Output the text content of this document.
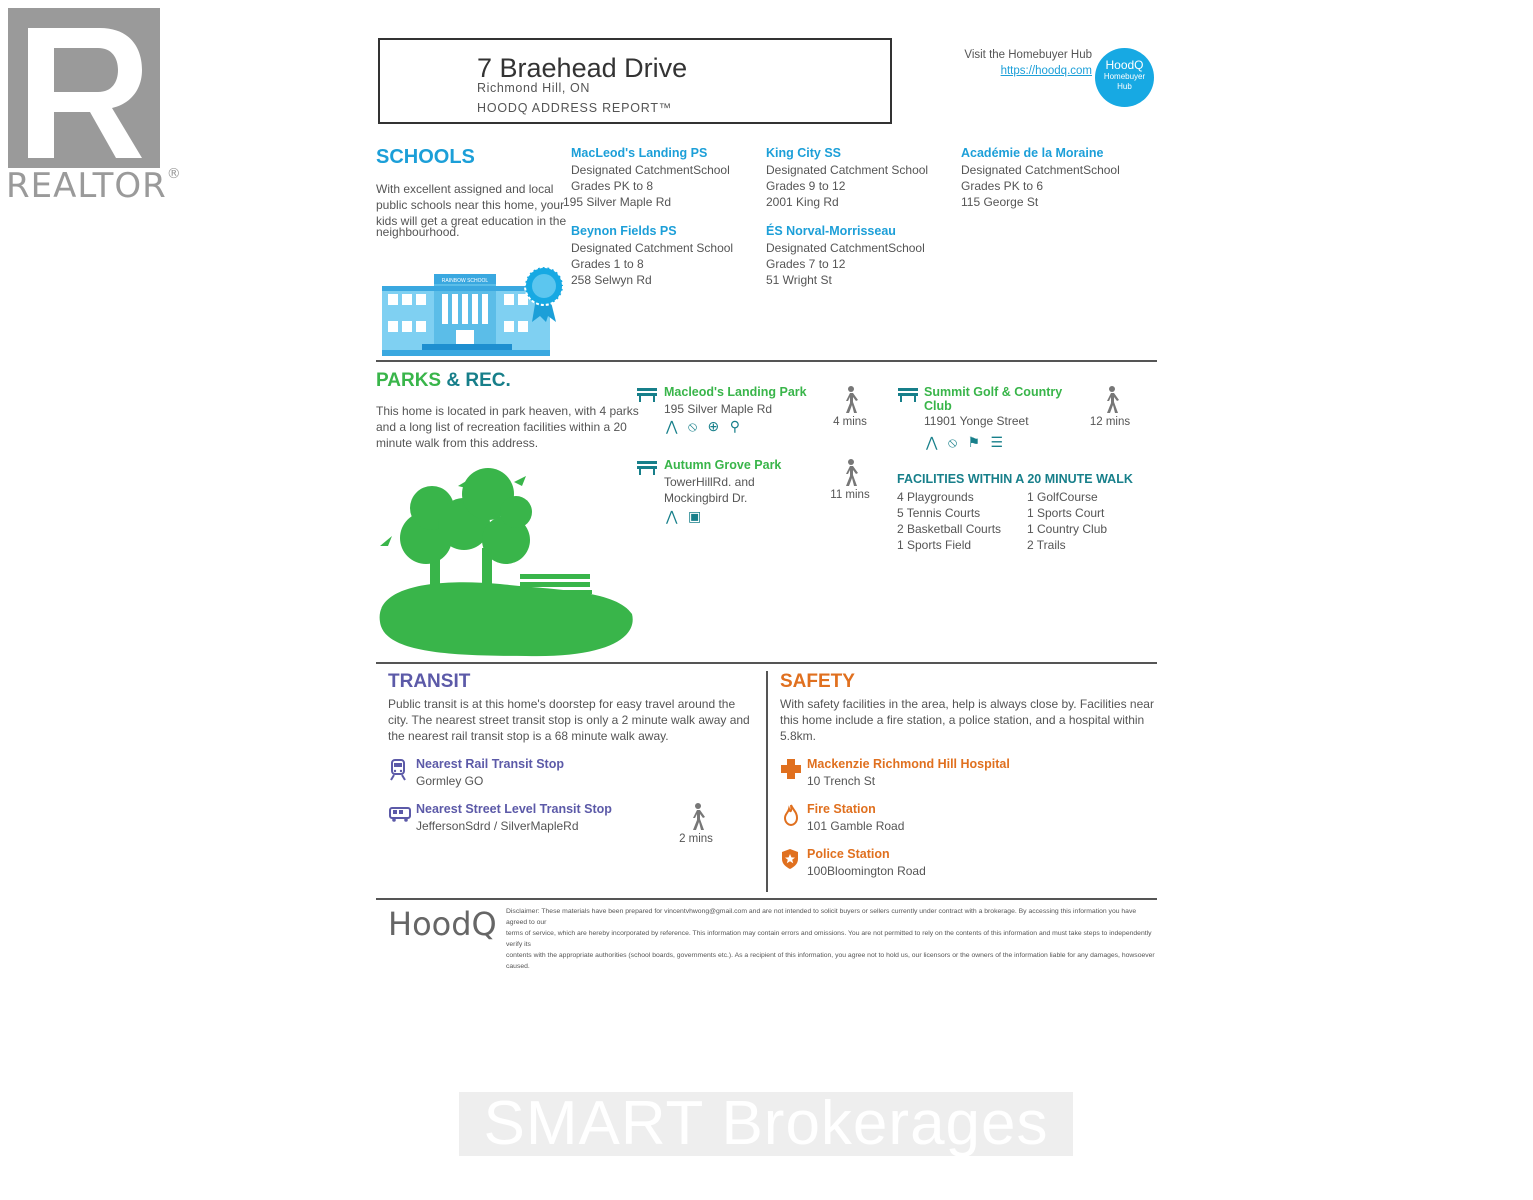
REALTOR®
7 Braehead Drive
Richmond Hill, ON
HOODQ ADDRESS REPORT™
Visit the Homebuyer Hub
https://hoodq.com	HoodQ
Homebuyer
Hub
SCHOOLS
With excellent assigned and local
public schools near this home, your
kids will get a great education in the
neighbourhood.
RAINBOW SCHOOL
MacLeod's Landing PS
Designated CatchmentSchool
Grades PK to 8
195 Silver Maple Rd
Beynon Fields PS
Designated Catchment School
Grades 1 to 8
258 Selwyn Rd
King City SS
Designated Catchment School
Grades 9 to 12
2001 King Rd
ÉS Norval-Morrisseau
Designated CatchmentSchool
Grades 7 to 12
51 Wright St
Académie de la Moraine
Designated CatchmentSchool
Grades PK to 6
115 George St
PARKS & REC.
This home is located in park heaven, with 4 parks
and a long list of recreation facilities within a 20
minute walk from this address.
Macleod's Landing Park
195 Silver Maple Rd
⋀ ⦸ ⊕ ⚲	4 mins
Autumn Grove Park
TowerHillRd. and
Mockingbird Dr.
⋀ ▣
11 mins
Summit Golf & Country
Club
11901 Yonge Street
⋀ ⦸ ⚑ ☰
12 mins
FACILITIES WITHIN A 20 MINUTE WALK
4 Playgrounds
5 Tennis Courts
2 Basketball Courts
1 Sports Field
1 GolfCourse
1 Sports Court
1 Country Club
2 Trails
TRANSIT
Public transit is at this home's doorstep for easy travel around the
city. The nearest street transit stop is only a 2 minute walk away and
the nearest rail transit stop is a 68 minute walk away.
Nearest Rail Transit Stop
Gormley GO
Nearest Street Level Transit Stop
JeffersonSdrd / SilverMapleRd
2 mins
SAFETY
With safety facilities in the area, help is always close by. Facilities near
this home include a fire station, a police station, and a hospital within
5.8km.
Mackenzie Richmond Hill Hospital
10 Trench St
Fire Station
101 Gamble Road
Police Station
100Bloomington Road
HoodQ Disclaimer: These materials have been prepared for vincentvhwong@gmail.com and are not intended to solicit buyers or sellers currently under contract with a brokerage. By accessing this information you have agreed to our
terms of service, which are hereby incorporated by reference. This information may contain errors and omissions. You are not permitted to rely on the contents of this information and must take steps to independently verify its
contents with the appropriate authorities (school boards, governments etc.). As a recipient of this information, you agree not to hold us, our licensors or the owners of the information liable for any damages, howsoever caused.
SMART Brokerages
